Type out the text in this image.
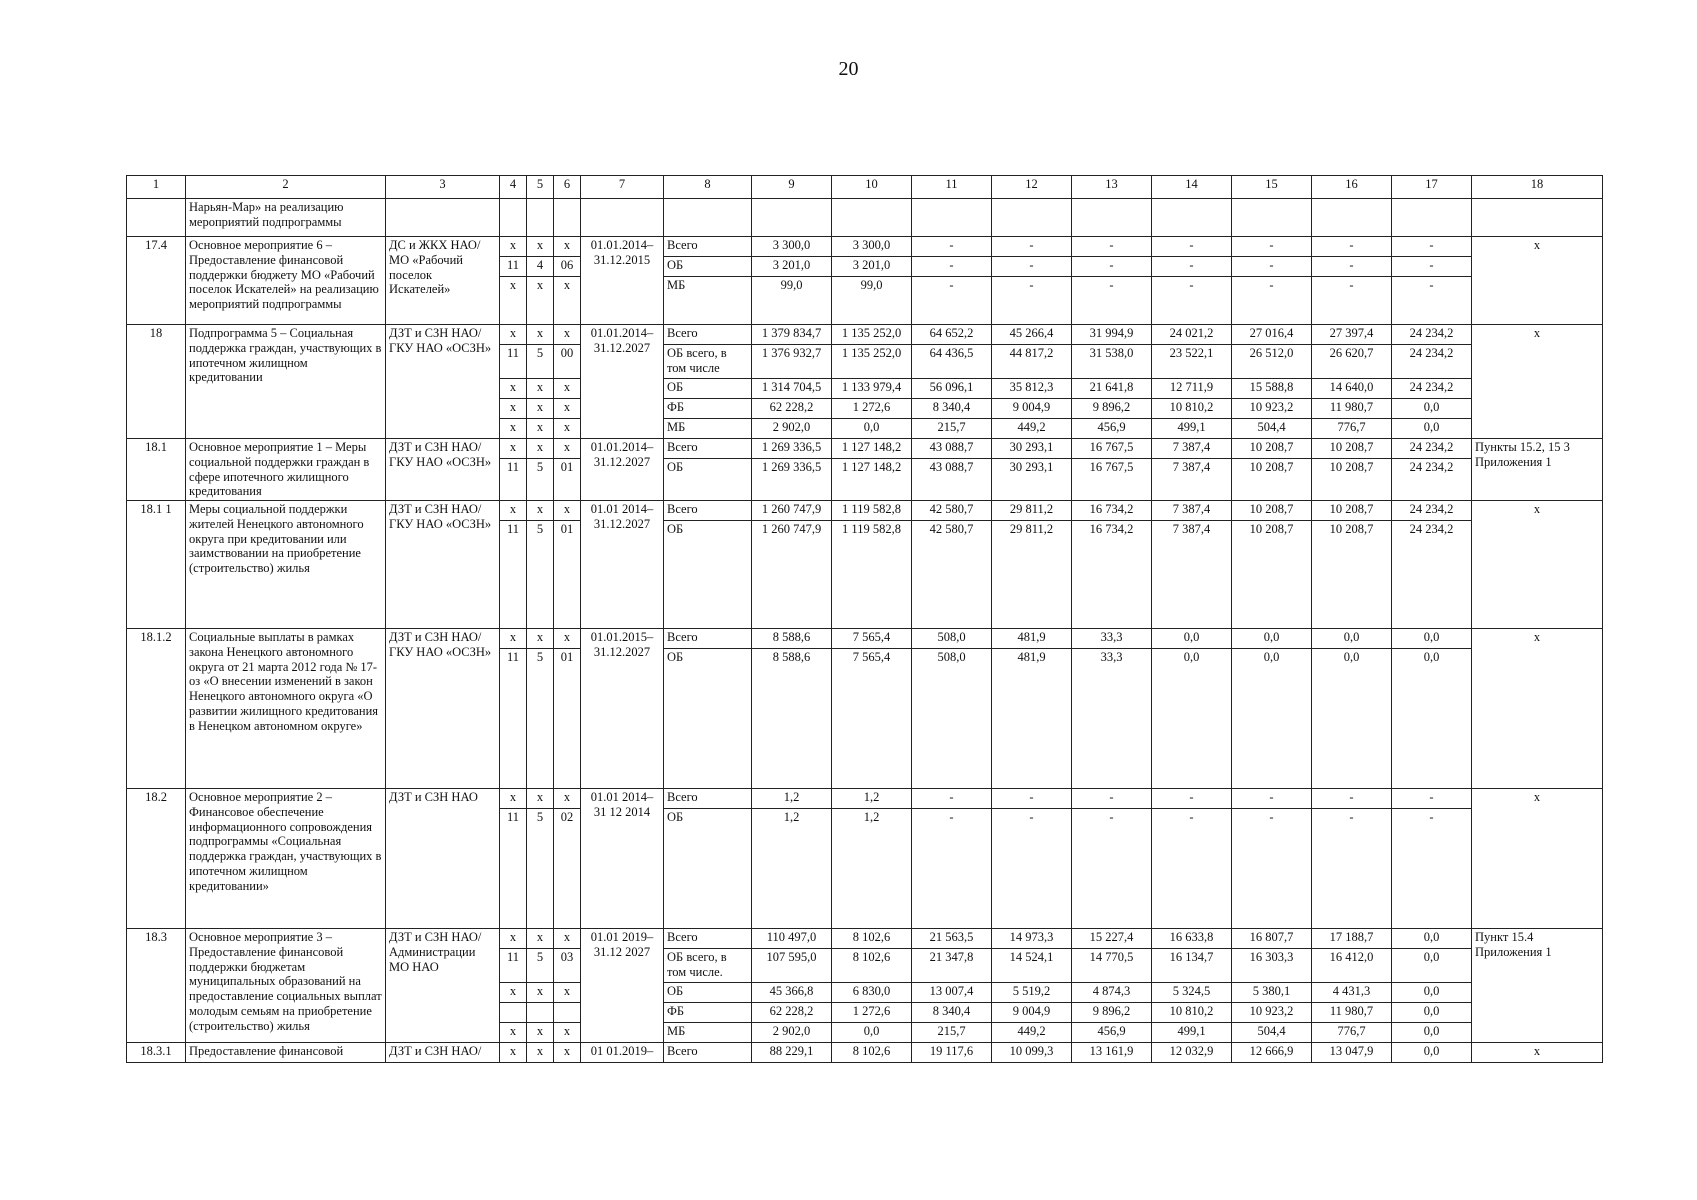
20
1	2	3	4	5	6	7	8	9	10	11	12	13	14	15	16	17	18
	Нарьян-Мар» на реализацию мероприятий подпрограммы																
17.4	Основное мероприятие 6 – Предоставление финансовой поддержки бюджету МО «Рабочий поселок Искателей» на реализацию мероприятий подпрограммы	ДС и ЖКХ НАО/ МО «Рабочий поселок Искателей»	х	х	х	01.01.2014– 31.12.2015	Всего	3 300,0	3 300,0	-	-	-	-	-	-	-	х
			11	4	06		ОБ	3 201,0	3 201,0	-	-	-	-	-	-	-	
			х	х	х		МБ	99,0	99,0	-	-	-	-	-	-	-	
18	Подпрограмма 5 – Социальная поддержка граждан, участвующих в ипотечном жилищном кредитовании	ДЗТ и СЗН НАО/ ГКУ НАО «ОСЗН»	х	х	х	01.01.2014– 31.12.2027	Всего	1 379 834,7	1 135 252,0	64 652,2	45 266,4	31 994,9	24 021,2	27 016,4	27 397,4	24 234,2	х
			11	5	00		ОБ всего, в том числе	1 376 932,7	1 135 252,0	64 436,5	44 817,2	31 538,0	23 522,1	26 512,0	26 620,7	24 234,2	
			х	х	х		ОБ	1 314 704,5	1 133 979,4	56 096,1	35 812,3	21 641,8	12 711,9	15 588,8	14 640,0	24 234,2	
			х	х	х		ФБ	62 228,2	1 272,6	8 340,4	9 004,9	9 896,2	10 810,2	10 923,2	11 980,7	0,0	
			х	х	х		МБ	2 902,0	0,0	215,7	449,2	456,9	499,1	504,4	776,7	0,0	
18.1	Основное мероприятие 1 – Меры социальной поддержки граждан в сфере ипотечного жилищного кредитования	ДЗТ и СЗН НАО/ ГКУ НАО «ОСЗН»	х	х	х	01.01.2014– 31.12.2027	Всего	1 269 336,5	1 127 148,2	43 088,7	30 293,1	16 767,5	7 387,4	10 208,7	10 208,7	24 234,2	Пункты 15.2, 15 3 Приложения 1
			11	5	01		ОБ	1 269 336,5	1 127 148,2	43 088,7	30 293,1	16 767,5	7 387,4	10 208,7	10 208,7	24 234,2	
18.1 1	Меры социальной поддержки жителей Ненецкого автономного округа при кредитовании или заимствовании на приобретение (строительство) жилья	ДЗТ и СЗН НАО/ ГКУ НАО «ОСЗН»	х	х	х	01.01 2014– 31.12.2027	Всего	1 260 747,9	1 119 582,8	42 580,7	29 811,2	16 734,2	7 387,4	10 208,7	10 208,7	24 234,2	х
			11	5	01		ОБ	1 260 747,9	1 119 582,8	42 580,7	29 811,2	16 734,2	7 387,4	10 208,7	10 208,7	24 234,2	
18.1.2	Социальные выплаты в рамках закона Ненецкого автономного округа от 21 марта 2012 года № 17-оз «О внесении изменений в закон Ненецкого автономного округа «О развитии жилищного кредитования в Ненецком автономном округе»	ДЗТ и СЗН НАО/ ГКУ НАО «ОСЗН»	х	х	х	01.01.2015– 31.12.2027	Всего	8 588,6	7 565,4	508,0	481,9	33,3	0,0	0,0	0,0	0,0	х
			11	5	01		ОБ	8 588,6	7 565,4	508,0	481,9	33,3	0,0	0,0	0,0	0,0	
18.2	Основное мероприятие 2 – Финансовое обеспечение информационного сопровождения подпрограммы «Социальная поддержка граждан, участвующих в ипотечном жилищном кредитовании»	ДЗТ и СЗН НАО	х	х	х	01.01 2014– 31 12 2014	Всего	1,2	1,2	-	-	-	-	-	-	-	х
			11	5	02		ОБ	1,2	1,2	-	-	-	-	-	-	-	
18.3	Основное мероприятие 3 – Предоставление финансовой поддержки бюджетам муниципальных образований на предоставление социальных выплат молодым семьям на приобретение (строительство) жилья	ДЗТ и СЗН НАО/ Администрации МО НАО	х	х	х	01.01 2019– 31.12 2027	Всего	110 497,0	8 102,6	21 563,5	14 973,3	15 227,4	16 633,8	16 807,7	17 188,7	0,0	Пункт 15.4 Приложения 1
			11	5	03		ОБ всего, в том числе.	107 595,0	8 102,6	21 347,8	14 524,1	14 770,5	16 134,7	16 303,3	16 412,0	0,0	
			х	х	х		ОБ	45 366,8	6 830,0	13 007,4	5 519,2	4 874,3	5 324,5	5 380,1	4 431,3	0,0	
							ФБ	62 228,2	1 272,6	8 340,4	9 004,9	9 896,2	10 810,2	10 923,2	11 980,7	0,0	
			х	х	х		МБ	2 902,0	0,0	215,7	449,2	456,9	499,1	504,4	776,7	0,0	
18.3.1	Предоставление финансовой	ДЗТ и СЗН НАО/	х	х	х	01 01.2019–	Всего	88 229,1	8 102,6	19 117,6	10 099,3	13 161,9	12 032,9	12 666,9	13 047,9	0,0	х
